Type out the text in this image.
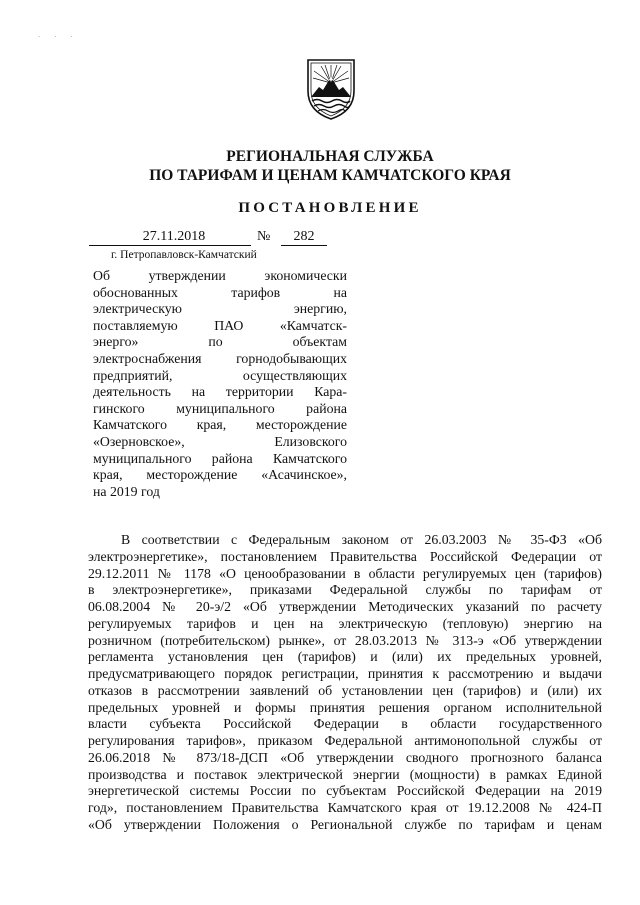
· · ·
РЕГИОНАЛЬНАЯ СЛУЖБА
ПО ТАРИФАМ И ЦЕНАМ КАМЧАТСКОГО КРАЯ
ПОСТАНОВЛЕНИЕ
27.11.2018	№	282
г. Петропавловск-Камчатский
Об утверждении экономически
обоснованных тарифов на
электрическую энергию,
поставляемую ПАО «Камчатск-
энерго» по объектам
электроснабжения горнодобывающих
предприятий, осуществляющих
деятельность на территории Кара-
гинского муниципального района
Камчатского края, месторождение
«Озерновское», Елизовского
муниципального района Камчатского
края, месторождение «Асачинское»,
на 2019 год
В соответствии с Федеральным законом от 26.03.2003 № 35-ФЗ «Об
электроэнергетике», постановлением Правительства Российской Федерации от
29.12.2011 № 1178 «О ценообразовании в области регулируемых цен (тарифов)
в электроэнергетике», приказами Федеральной службы по тарифам от
06.08.2004 № 20-э/2 «Об утверждении Методических указаний по расчету
регулируемых тарифов и цен на электрическую (тепловую) энергию на
розничном (потребительском) рынке», от 28.03.2013 № 313-э «Об утверждении
регламента установления цен (тарифов) и (или) их предельных уровней,
предусматривающего порядок регистрации, принятия к рассмотрению и выдачи
отказов в рассмотрении заявлений об установлении цен (тарифов) и (или) их
предельных уровней и формы принятия решения органом исполнительной
власти субъекта Российской Федерации в области государственного
регулирования тарифов», приказом Федеральной антимонопольной службы от
26.06.2018 № 873/18-ДСП «Об утверждении сводного прогнозного баланса
производства и поставок электрической энергии (мощности) в рамках Единой
энергетической системы России по субъектам Российской Федерации на 2019
год», постановлением Правительства Камчатского края от 19.12.2008 № 424-П
«Об утверждении Положения о Региональной службе по тарифам и ценам
